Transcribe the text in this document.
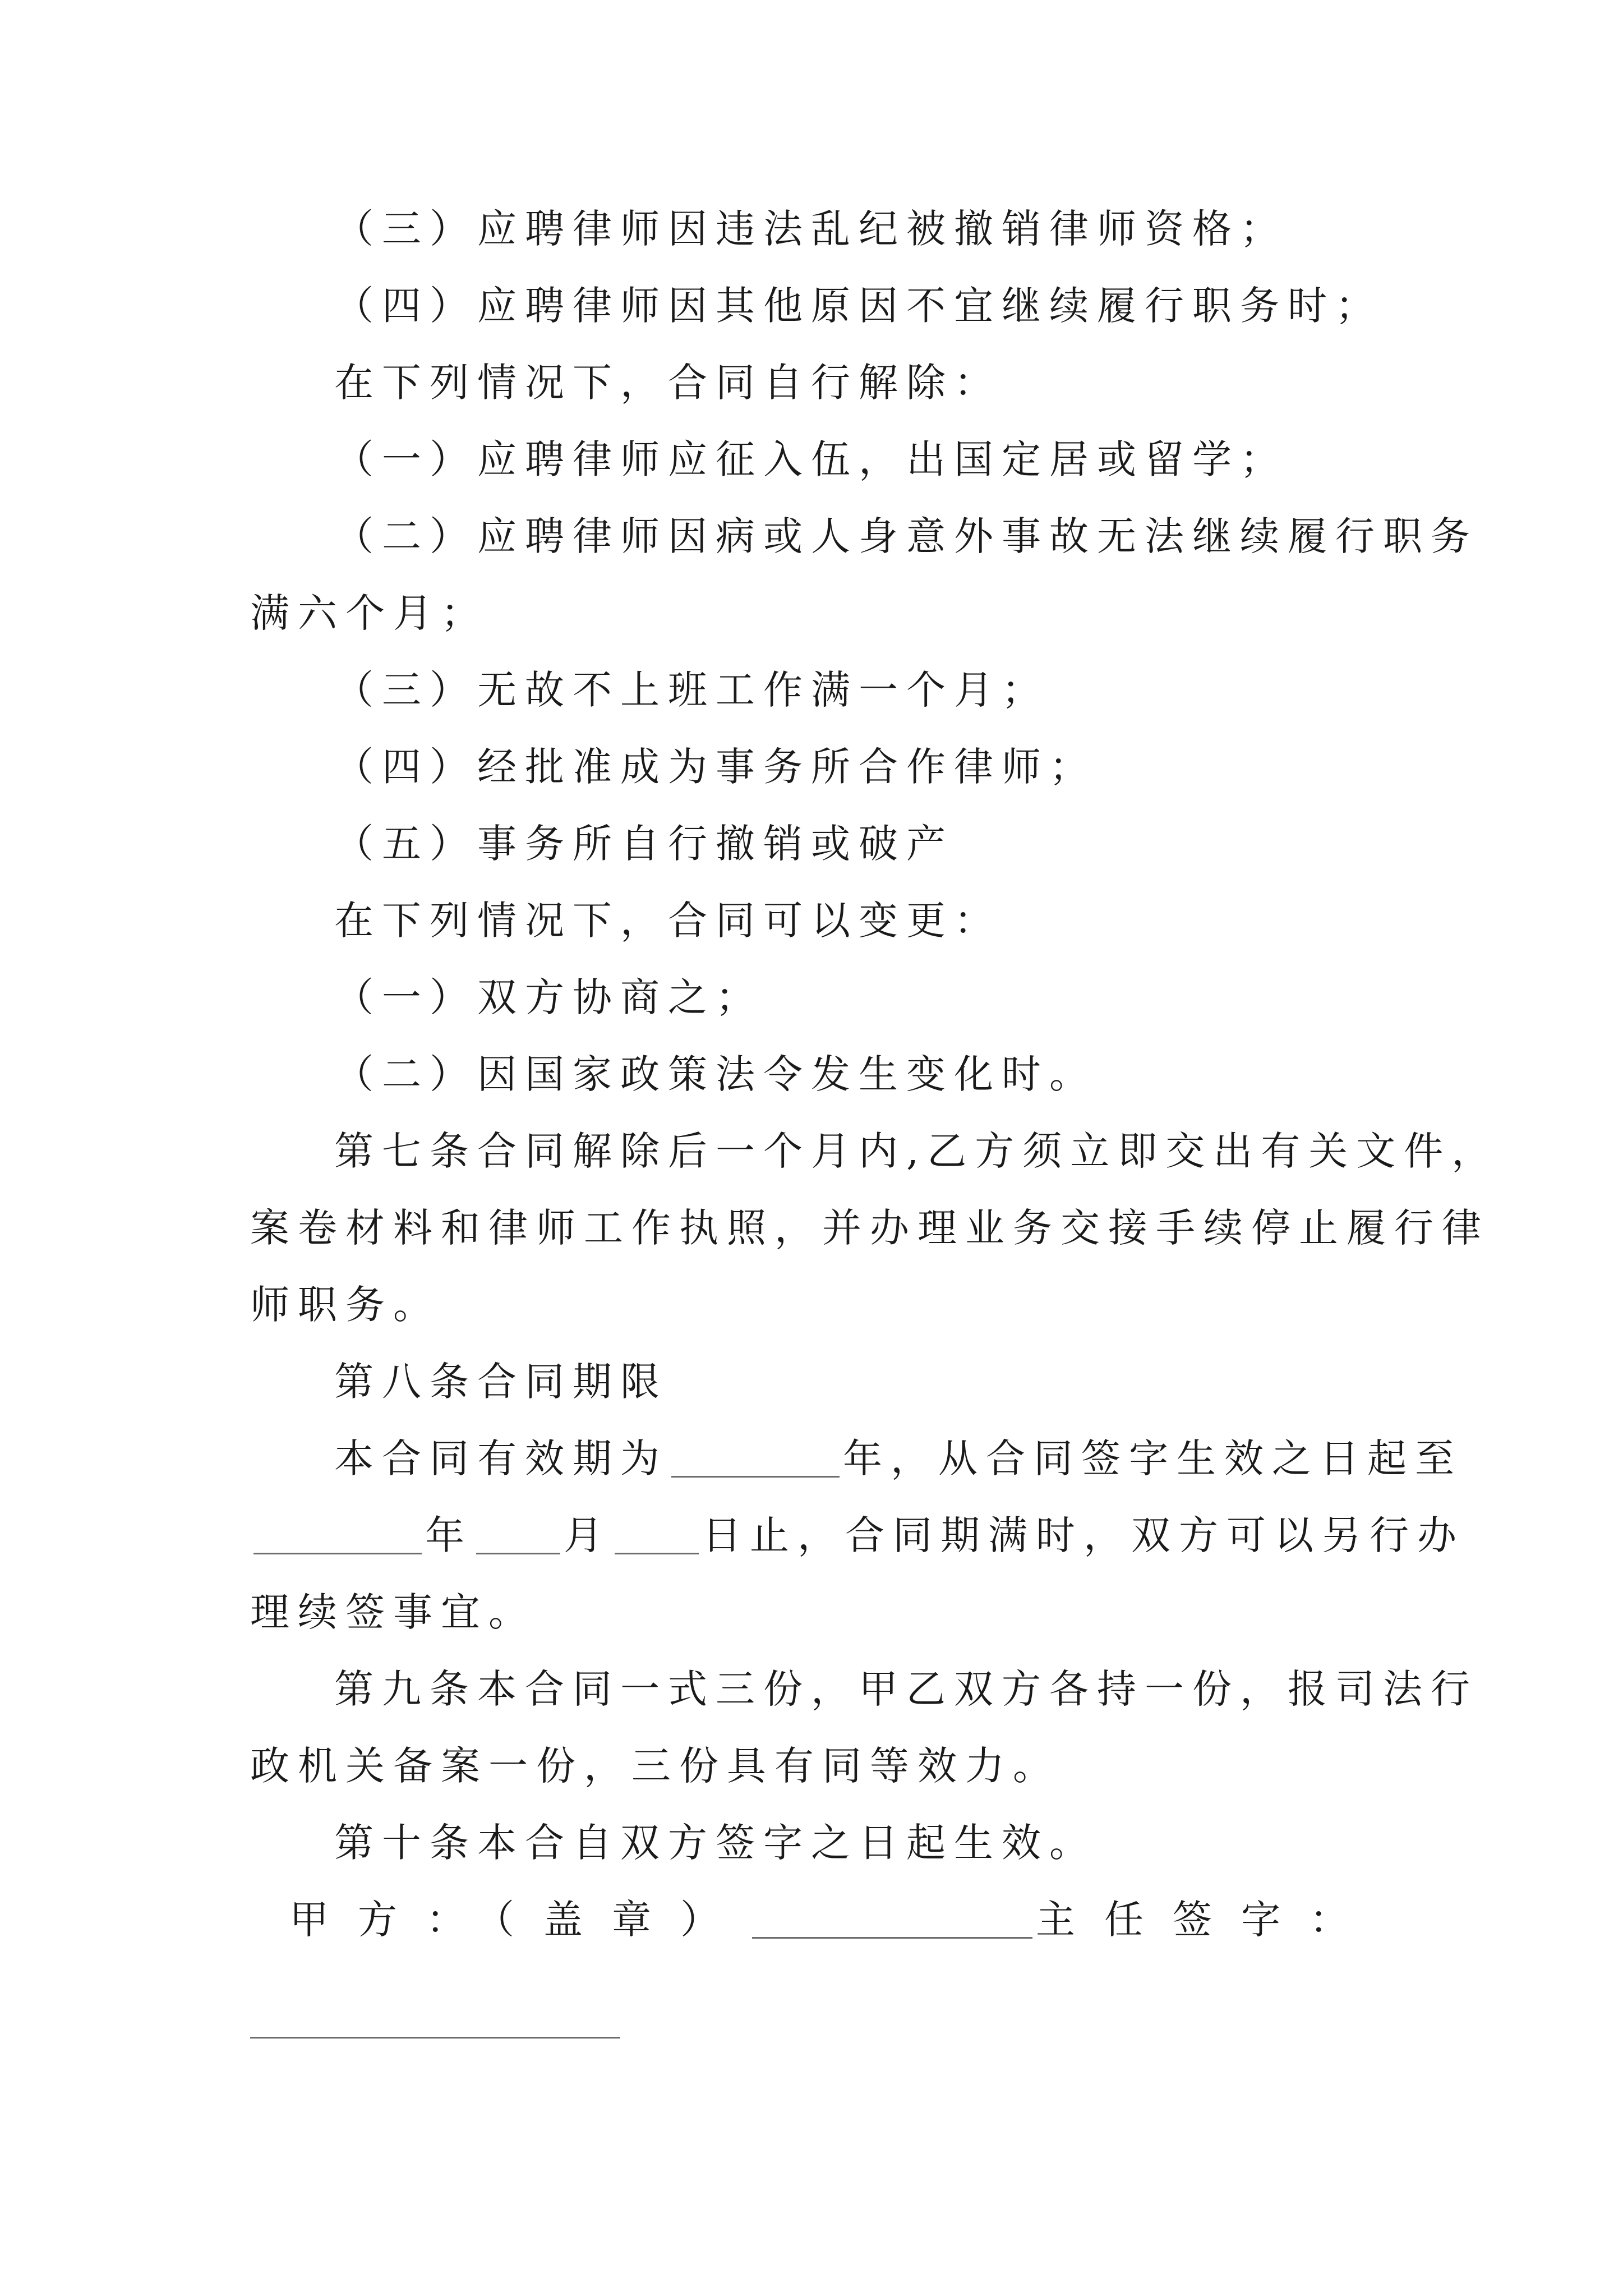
（三）应聘律师因违法乱纪被撤销律师资格；
（四）应聘律师因其他原因不宜继续履行职务时；
在下列情况下，合同自行解除：
（一）应聘律师应征入伍，出国定居或留学；
（二）应聘律师因病或人身意外事故无法继续履行职务
满六个月；
（三）无故不上班工作满一个月；
（四）经批准成为事务所合作律师；
（五）事务所自行撤销或破产
在下列情况下，合同可以变更：
（一）双方协商之；
（二）因国家政策法令发生变化时。
第七条合同解除后一个月内,乙方须立即交出有关文件，
案卷材料和律师工作执照，并办理业务交接手续停止履行律
师职务。
第八条合同期限
本合同有效期为	年，从合同签字生效之日起至
年 月 日止，合同期满时，双方可以另行办
理续签事宜。
第九条本合同一式三份，甲乙双方各持一份，报司法行
政机关备案一份，三份具有同等效力。
第十条本合自双方签字之日起生效。
甲方：（盖章）	主任签字：
